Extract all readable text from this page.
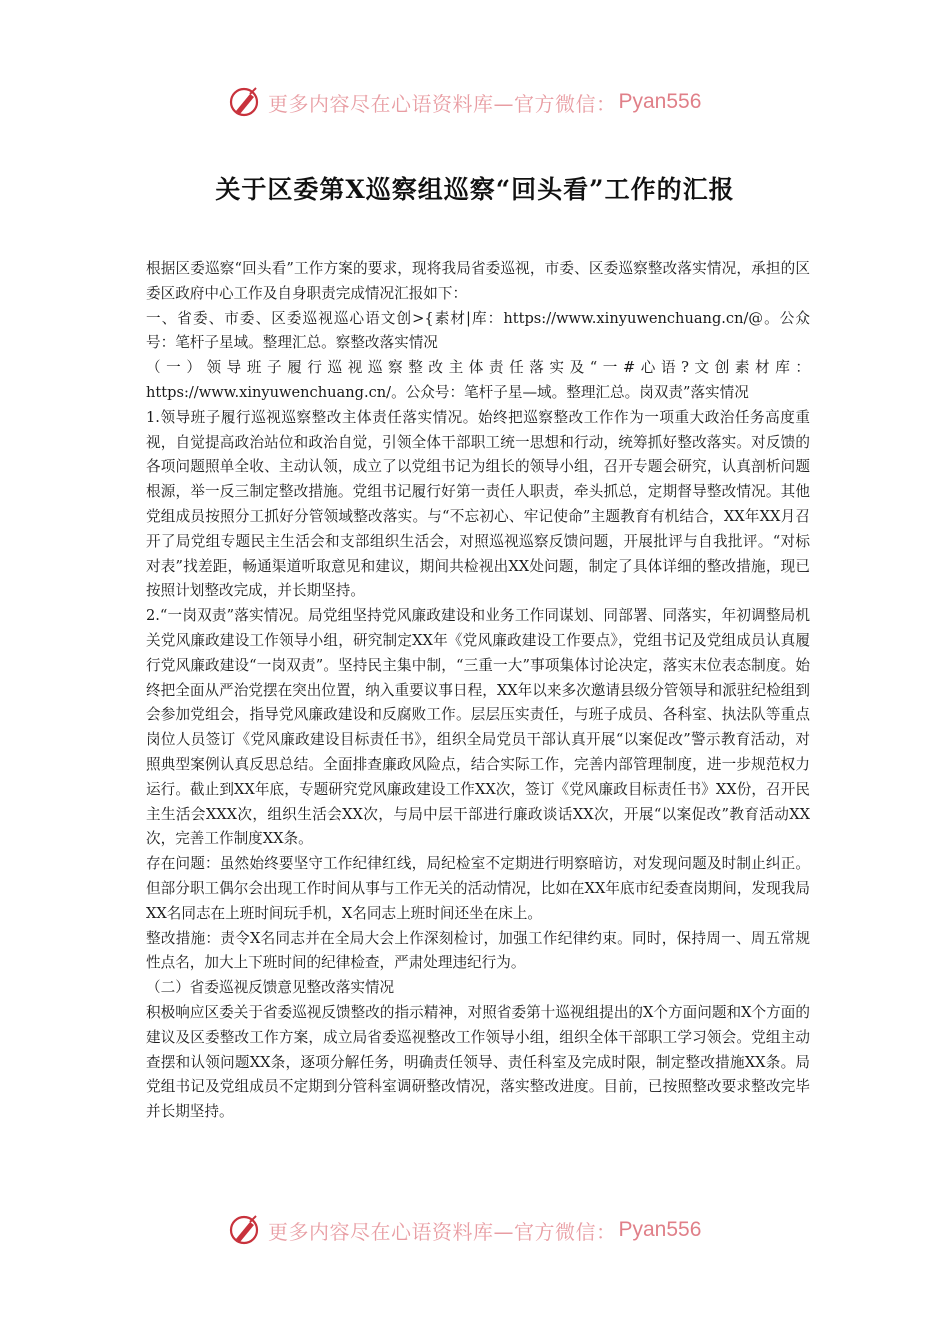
更多内容尽在心语资料库—官方微信： Pyan556
关于区委第X巡察组巡察“回头看”工作的汇报

根据区委巡察“回头看”工作方案的要求，现将我局省委巡视，市委、区委巡察整改落实情况，承担的区委区政府中心工作及自身职责完成情况汇报如下：

一、省委、市委、区委巡视巡心语文创>{素材|库：https://www.xinyuwenchuang.cn/@。公众号：笔杆子星域。整理汇总。察整改落实情况

（一）领导班子履行巡视巡察整改主体责任落实及“一#心语?文创素材库：https://www.xinyuwenchuang.cn/。公众号：笔杆子星—域。整理汇总。岗双责”落实情况

1.领导班子履行巡视巡察整改主体责任落实情况。始终把巡察整改工作作为一项重大政治任务高度重视，自觉提高政治站位和政治自觉，引领全体干部职工统一思想和行动，统筹抓好整改落实。对反馈的各项问题照单全收、主动认领，成立了以党组书记为组长的领导小组，召开专题会研究，认真剖析问题根源，举一反三制定整改措施。党组书记履行好第一责任人职责，牵头抓总，定期督导整改情况。其他党组成员按照分工抓好分管领域整改落实。与“不忘初心、牢记使命”主题教育有机结合，XX年XX月召开了局党组专题民主生活会和支部组织生活会，对照巡视巡察反馈问题，开展批评与自我批评。“对标对表”找差距，畅通渠道听取意见和建议，期间共检视出XX处问题，制定了具体详细的整改措施，现已按照计划整改完成，并长期坚持。

2.“一岗双责”落实情况。局党组坚持党风廉政建设和业务工作同谋划、同部署、同落实，年初调整局机关党风廉政建设工作领导小组，研究制定XX年《党风廉政建设工作要点》，党组书记及党组成员认真履行党风廉政建设“一岗双责”。坚持民主集中制，“三重一大”事项集体讨论决定，落实末位表态制度。始终把全面从严治党摆在突出位置，纳入重要议事日程，XX年以来多次邀请县级分管领导和派驻纪检组到会参加党组会，指导党风廉政建设和反腐败工作。层层压实责任，与班子成员、各科室、执法队等重点岗位人员签订《党风廉政建设目标责任书》，组织全局党员干部认真开展“以案促改”警示教育活动，对照典型案例认真反思总结。全面排查廉政风险点，结合实际工作，完善内部管理制度，进一步规范权力运行。截止到XX年底，专题研究党风廉政建设工作XX次，签订《党风廉政目标责任书》XX份，召开民主生活会XXX次，组织生活会XX次，与局中层干部进行廉政谈话XX次，开展“以案促改”教育活动XX次，完善工作制度XX条。

存在问题：虽然始终要坚守工作纪律红线，局纪检室不定期进行明察暗访，对发现问题及时制止纠正。但部分职工偶尔会出现工作时间从事与工作无关的活动情况，比如在XX年底市纪委查岗期间，发现我局XX名同志在上班时间玩手机，X名同志上班时间还坐在床上。

整改措施：责令X名同志并在全局大会上作深刻检讨，加强工作纪律约束。同时，保持周一、周五常规性点名，加大上下班时间的纪律检查，严肃处理违纪行为。

（二）省委巡视反馈意见整改落实情况

积极响应区委关于省委巡视反馈整改的指示精神，对照省委第十巡视组提出的X个方面问题和X个方面的建议及区委整改工作方案，成立局省委巡视整改工作领导小组，组织全体干部职工学习领会。党组主动查摆和认领问题XX条，逐项分解任务，明确责任领导、责任科室及完成时限，制定整改措施XX条。局党组书记及党组成员不定期到分管科室调研整改情况，落实整改进度。目前，已按照整改要求整改完毕并长期坚持。

更多内容尽在心语资料库—官方微信： Pyan556
